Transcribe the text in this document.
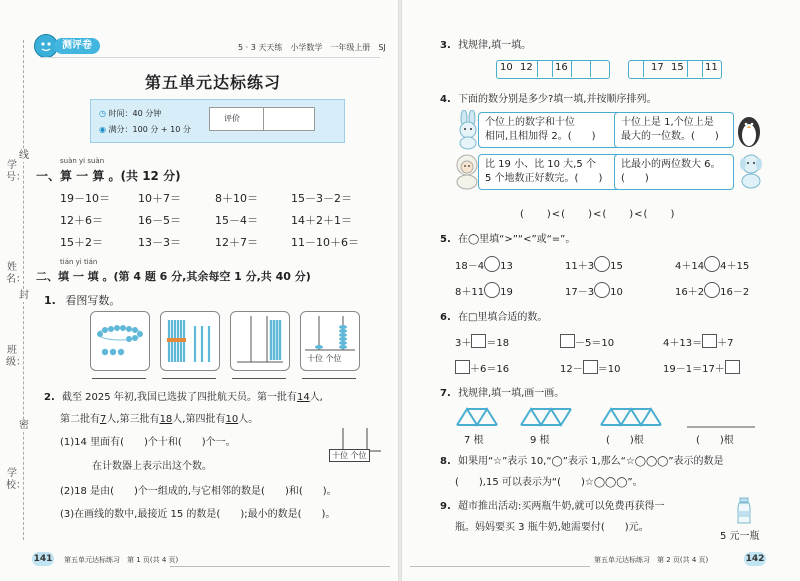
学号：
线
姓名：
封
班级：
密
学校：
测评卷	5 · 3 天天练　小学数学　一年级上册　SJ
第五单元达标练习
◷ 时间：40 分钟
◉ 满分：100 分 + 10 分
评价
suàn yi suàn
一、算 一 算 。(共 12 分)
19－10＝	10＋7＝	8＋10＝	15－3－2＝
12＋6＝	16－5＝	15－4＝	14＋2＋1＝
15＋2＝	13－3＝	12＋7＝	11－10＋6＝
tián yi tián
二、填 一 填 。(第 4 题 6 分,其余每空 1 分,共 40 分)
1. 看图写数。
十位 个位
2. 截至 2025 年初,我国已选拔了四批航天员。第一批有14人,
第二批有7人,第三批有18人,第四批有10人。
(1)14 里面有(　　)个十和(　　)个一。
在计数器上表示出这个数。
十位 个位
(2)18 是由(　　)个一组成的,与它相邻的数是(　　)和(　　)。
(3)在画线的数中,最接近 15 的数是(　　);最小的数是(　　)。
141 第五单元达标练习　第 1 页(共 4 页)
3. 找规律,填一填。
10 12 16	17 15 11
4. 下面的数分别是多少?填一填,并按顺序排列。
个位上的数字和十位
相同,且相加得 2。(　　)
十位上是 1,个位上是
最大的一位数。(　　)
比 19 小、比 10 大,5 个
5 个地数正好数完。(　　)
比最小的两位数大 6。
(　　)
(　　)<(　　)<(　　)<(　　)
5. 在◯里填“>”“<”或“=”。
18－4 13	11＋3 15	4＋14 4＋15
8＋11 19	17－3 10	16＋2 16－2
6. 在□里填合适的数。
3＋ ＝18	－5＝10	4＋13＝ ＋7
＋6＝16	12－ ＝10	19－1＝17＋
7. 找规律,填一填,画一画。
7 根	9 根	(　　)根	(　　)根
8. 如果用“☆”表示 10,“◯”表示 1,那么“☆◯◯◯”表示的数是
(　　),15 可以表示为“(　　)☆◯◯◯”。
9. 超市推出活动:买两瓶牛奶,就可以免费再获得一
瓶。妈妈要买 3 瓶牛奶,她需要付(　　)元。
5 元一瓶
第五单元达标练习　第 2 页(共 4 页)	142
